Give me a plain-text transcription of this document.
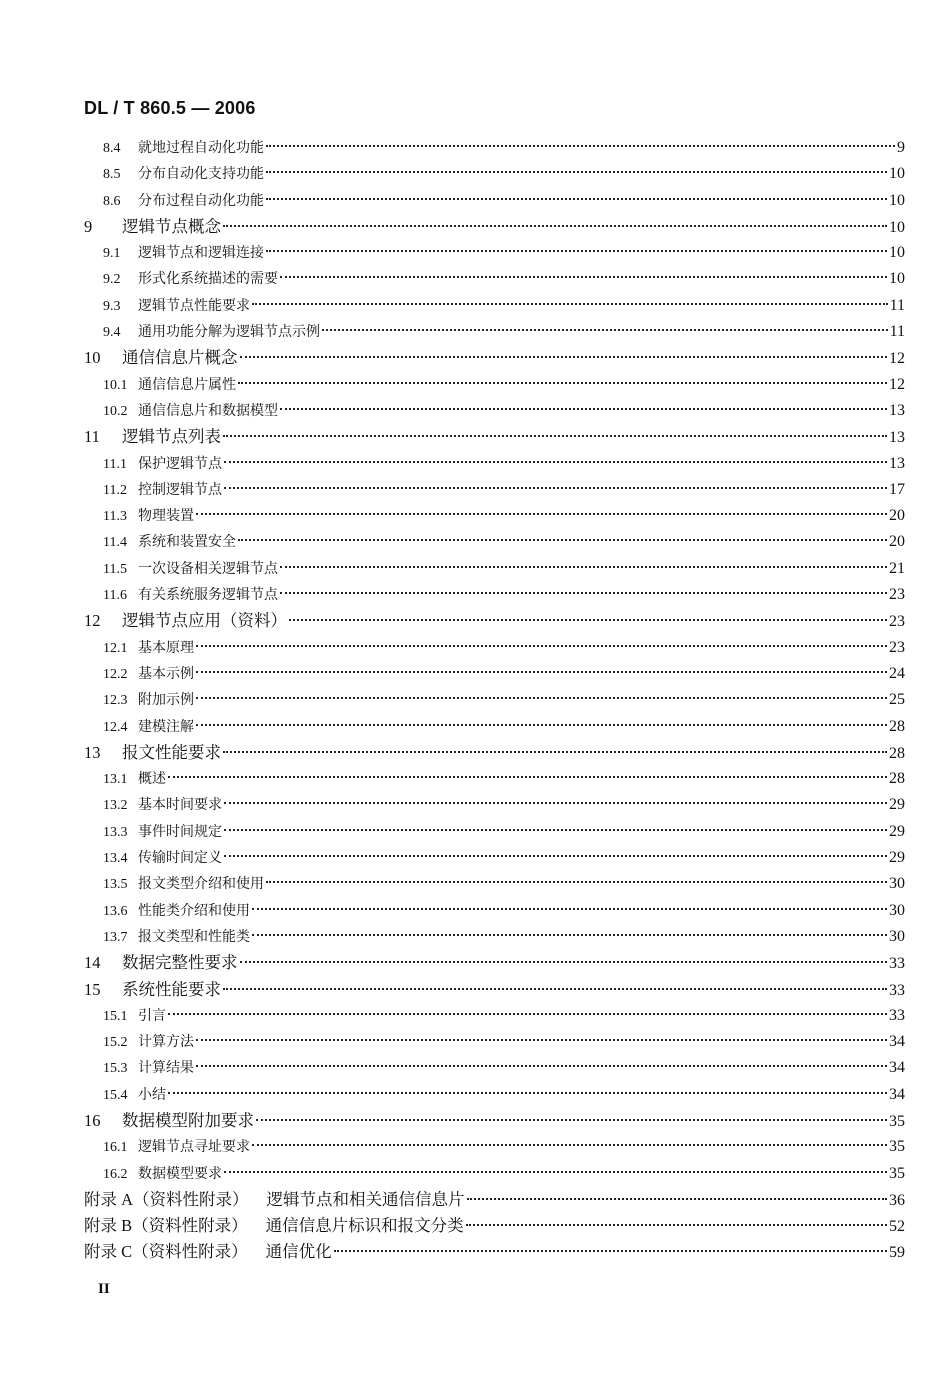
DL / T 860.5 — 2006
8.4	就地过程自动化功能	9
8.5	分布自动化支持功能	10
8.6	分布过程自动化功能	10
9	逻辑节点概念	10
9.1	逻辑节点和逻辑连接	10
9.2	形式化系统描述的需要	10
9.3	逻辑节点性能要求	11
9.4	通用功能分解为逻辑节点示例	11
10	通信信息片概念	12
10.1 通信信息片属性	12
10.2 通信信息片和数据模型	13
11	逻辑节点列表	13
11.1 保护逻辑节点	13
11.2 控制逻辑节点	17
11.3 物理装置	20
11.4 系统和装置安全	20
11.5 一次设备相关逻辑节点	21
11.6 有关系统服务逻辑节点	23
12	逻辑节点应用（资料）	23
12.1 基本原理	23
12.2 基本示例	24
12.3 附加示例	25
12.4 建模注解	28
13	报文性能要求	28
13.1 概述	28
13.2 基本时间要求	29
13.3 事件时间规定	29
13.4 传输时间定义	29
13.5 报文类型介绍和使用	30
13.6 性能类介绍和使用	30
13.7 报文类型和性能类	30
14	数据完整性要求	33
15	系统性能要求	33
15.1 引言	33
15.2 计算方法	34
15.3 计算结果	34
15.4 小结	34
16	数据模型附加要求	35
16.1 逻辑节点寻址要求	35
16.2 数据模型要求	35
附录 A（资料性附录） 逻辑节点和相关通信信息片	36
附录 B（资料性附录） 通信信息片标识和报文分类	52
附录 C（资料性附录） 通信优化	59
II
